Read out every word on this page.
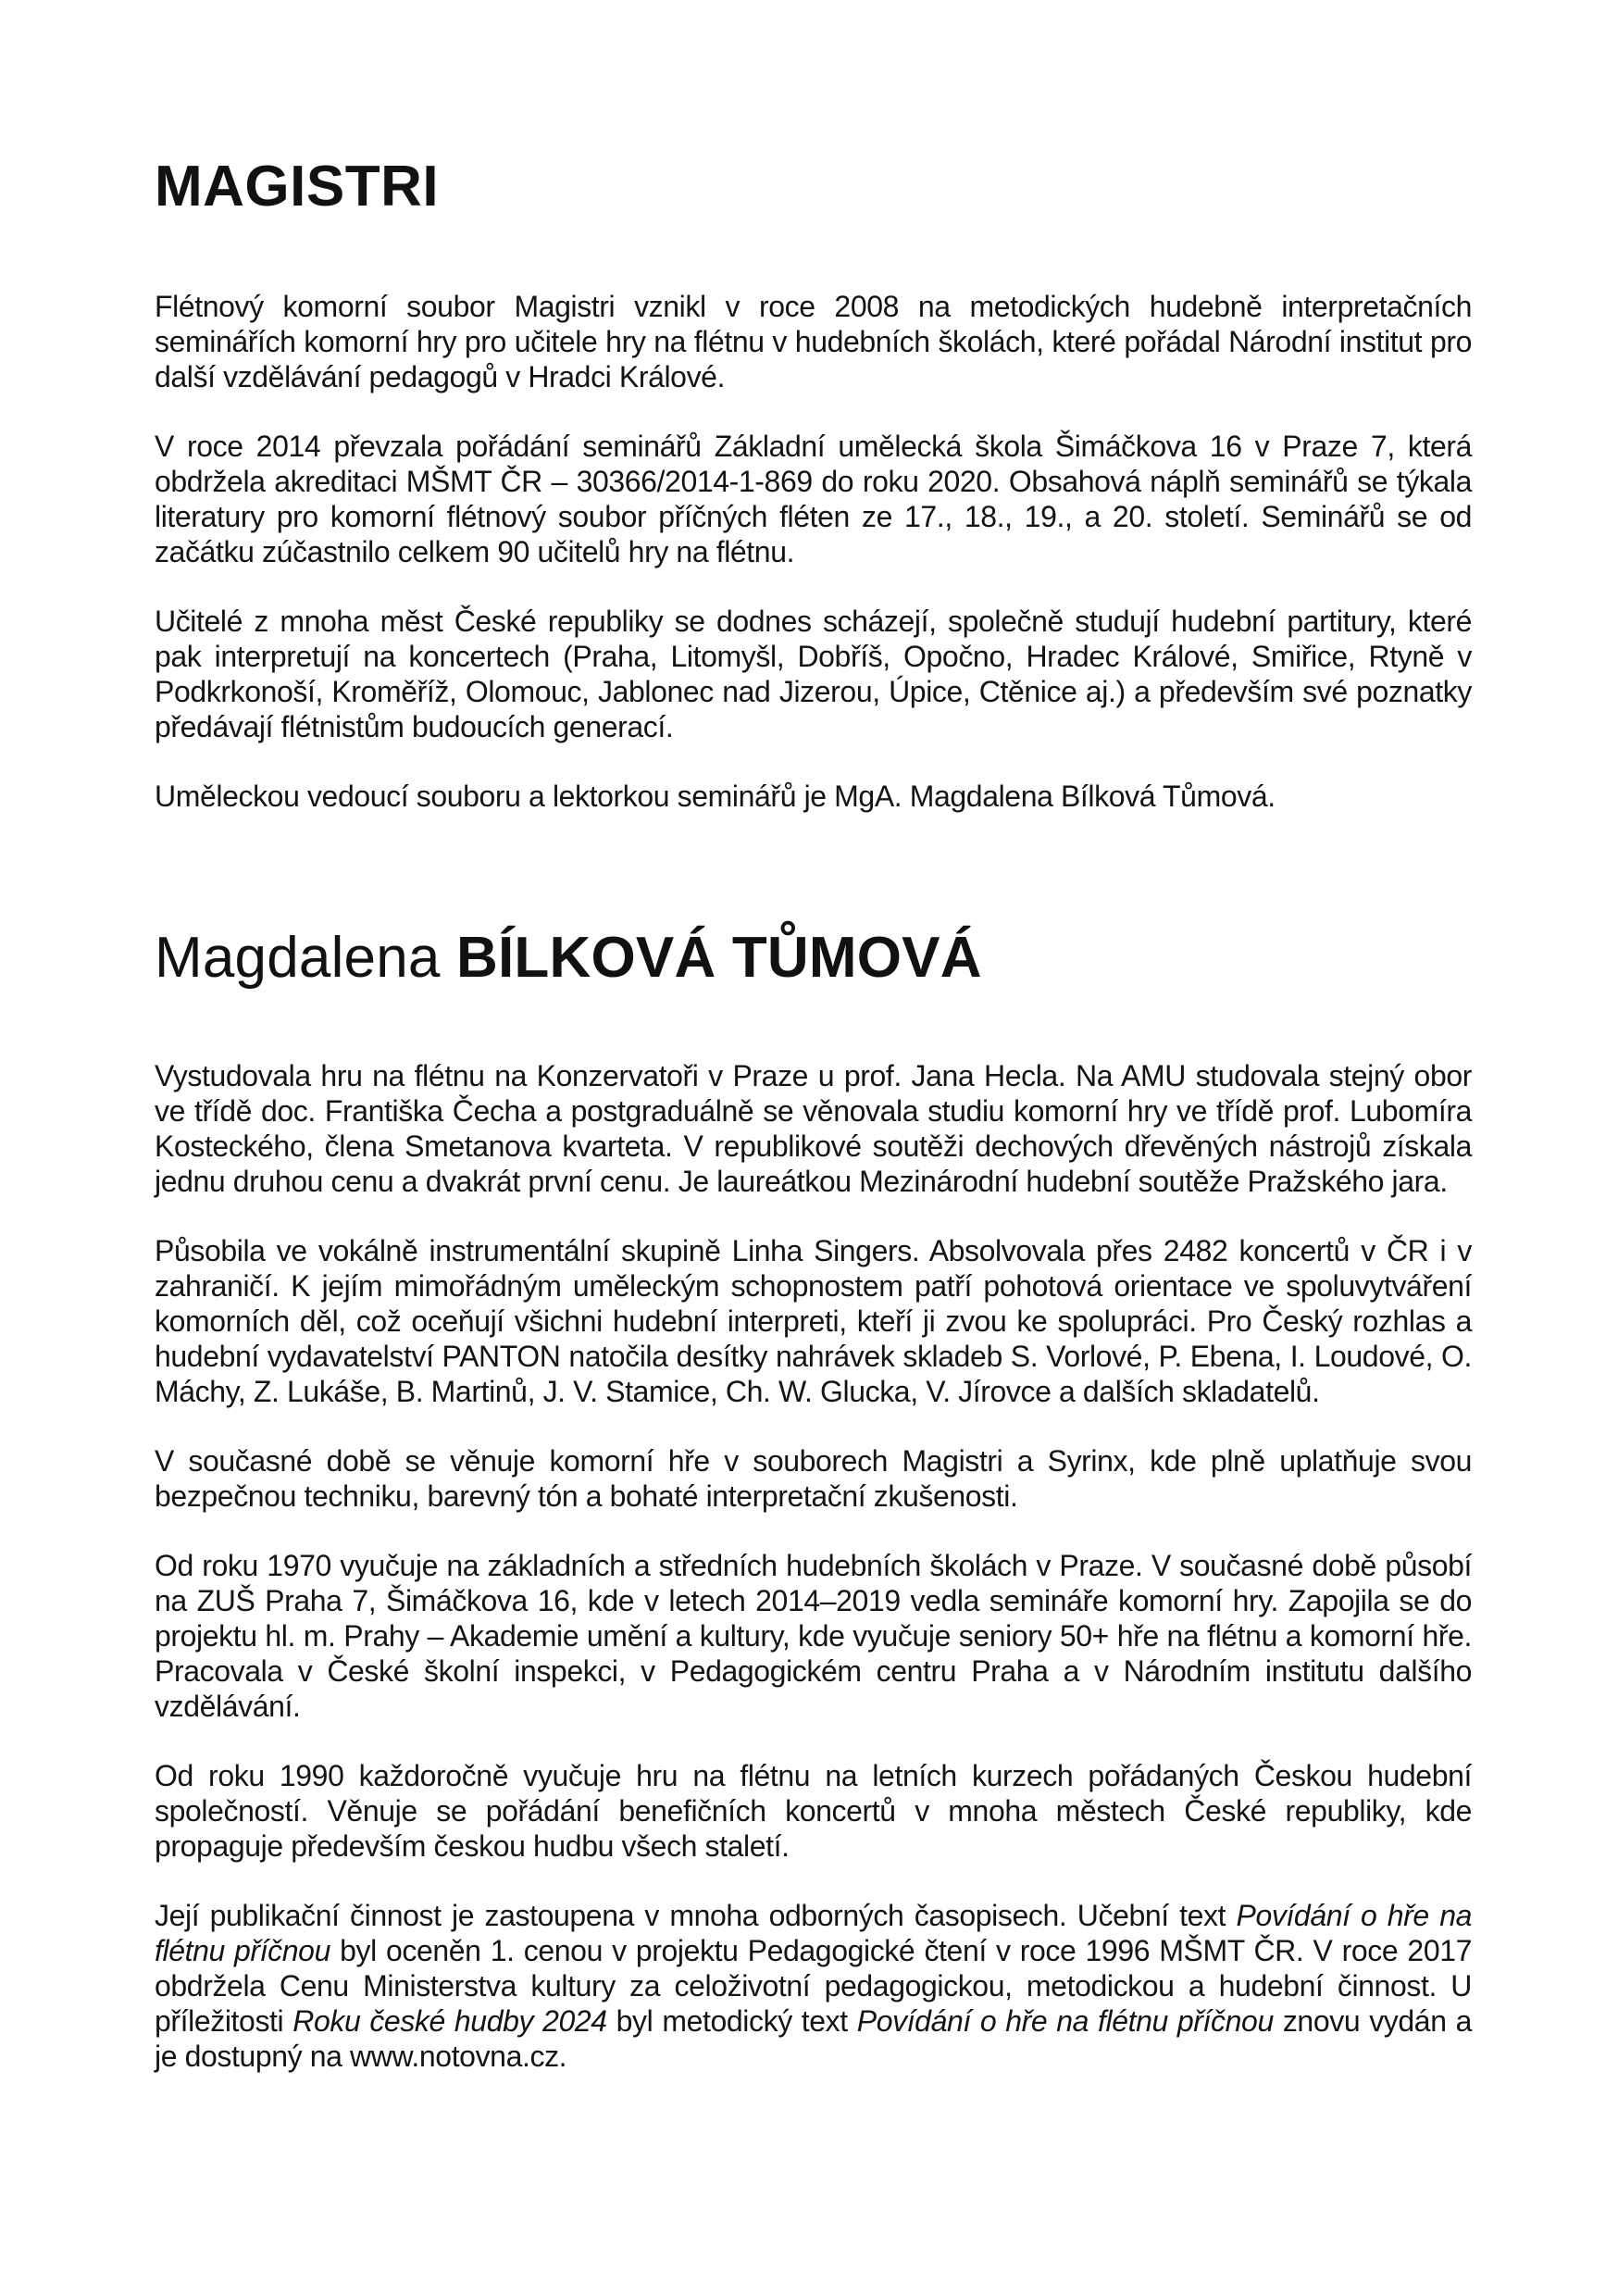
MAGISTRI

Flétnový komorní soubor Magistri vznikl v roce 2008 na metodických hudebně interpretačních seminářích komorní hry pro učitele hry na flétnu v hudebních školách, které pořádal Národní institut pro další vzdělávání pedagogů v Hradci Králové.

V roce 2014 převzala pořádání seminářů Základní umělecká škola Šimáčkova 16 v Praze 7, která obdržela akreditaci MŠMT ČR – 30366/2014-1-869 do roku 2020. Obsahová náplň seminářů se týkala literatury pro komorní flétnový soubor příčných fléten ze 17., 18., 19., a 20. století. Seminářů se od začátku zúčastnilo celkem 90 učitelů hry na flétnu.

Učitelé z mnoha měst České republiky se dodnes scházejí, společně studují hudební partitury, které pak interpretují na koncertech (Praha, Litomyšl, Dobříš, Opočno, Hradec Králové, Smiřice, Rtyně v Podkrkonoší, Kroměříž, Olomouc, Jablonec nad Jizerou, Úpice, Ctěnice aj.) a především své poznatky předávají flétnistům budoucích generací.

Uměleckou vedoucí souboru a lektorkou seminářů je MgA. Magdalena Bílková Tůmová.

Magdalena BÍLKOVÁ TŮMOVÁ

Vystudovala hru na flétnu na Konzervatoři v Praze u prof. Jana Hecla. Na AMU studovala stejný obor ve třídě doc. Františka Čecha a postgraduálně se věnovala studiu komorní hry ve třídě prof. Lubomíra Kosteckého, člena Smetanova kvarteta. V republikové soutěži dechových dřevěných nástrojů získala jednu druhou cenu a dvakrát první cenu. Je laureátkou Mezinárodní hudební soutěže Pražského jara.

Působila ve vokálně instrumentální skupině Linha Singers. Absolvovala přes 2482 koncertů v ČR i v zahraničí. K jejím mimořádným uměleckým schopnostem patří pohotová orientace ve spoluvytváření komorních děl, což oceňují všichni hudební interpreti, kteří ji zvou ke spolupráci. Pro Český rozhlas a hudební vydavatelství PANTON natočila desítky nahrávek skladeb S. Vorlové, P. Ebena, I. Loudové, O. Máchy, Z. Lukáše, B. Martinů, J. V. Stamice, Ch. W. Glucka, V. Jírovce a dalších skladatelů.

V současné době se věnuje komorní hře v souborech Magistri a Syrinx, kde plně uplatňuje svou bezpečnou techniku, barevný tón a bohaté interpretační zkušenosti.

Od roku 1970 vyučuje na základních a středních hudebních školách v Praze. V současné době působí na ZUŠ Praha 7, Šimáčkova 16, kde v letech 2014–2019 vedla semináře komorní hry. Zapojila se do projektu hl. m. Prahy – Akademie umění a kultury, kde vyučuje seniory 50+ hře na flétnu a komorní hře. Pracovala v České školní inspekci, v Pedagogickém centru Praha a v Národním institutu dalšího vzdělávání.

Od roku 1990 každoročně vyučuje hru na flétnu na letních kurzech pořádaných Českou hudební společností. Věnuje se pořádání benefičních koncertů v mnoha městech České republiky, kde propaguje především českou hudbu všech staletí.

Její publikační činnost je zastoupena v mnoha odborných časopisech. Učební text Povídání o hře na flétnu příčnou byl oceněn 1. cenou v projektu Pedagogické čtení v roce 1996 MŠMT ČR. V roce 2017 obdržela Cenu Ministerstva kultury za celoživotní pedagogickou, metodickou a hudební činnost. U příležitosti Roku české hudby 2024 byl metodický text Povídání o hře na flétnu příčnou znovu vydán a je dostupný na www.notovna.cz.
